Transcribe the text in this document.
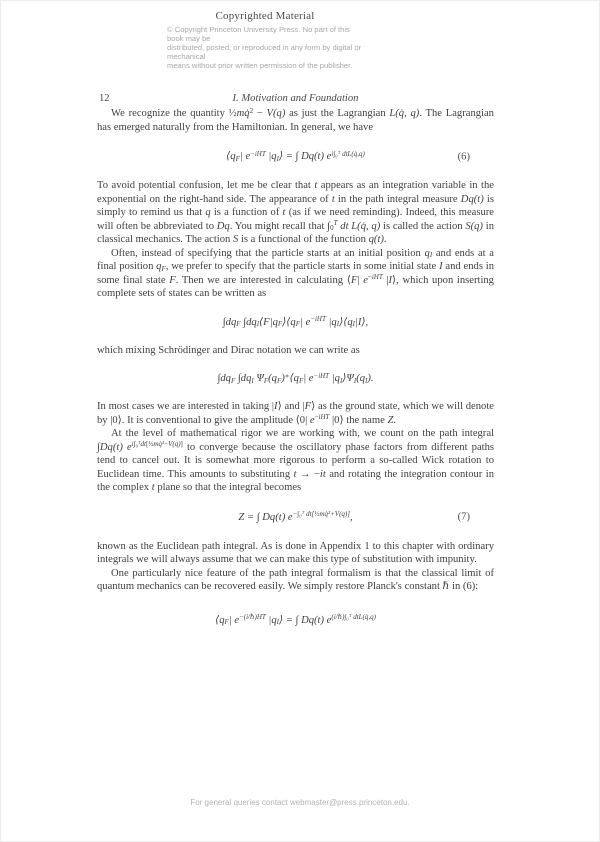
Copyrighted Material
© Copyright Princeton University Press. No part of this book may be
distributed, posted, or reproduced in any form by digital or mechanical
means without prior written permission of the publisher.
12	I. Motivation and Foundation

We recognize the quantity ½mq̇$^2$ − V(q) as just the Lagrangian L(q̇, q). The Lagrangian has emerged naturally from the Hamiltonian. In general, we have

$⟨q_F|$ $e^{-iHT}$ $|q_I⟩$ = ∫ Dq(t) $e^{i\int_0ᵀ dtL(q̇,q)}$	(6)

To avoid potential confusion, let me be clear that t appears as an integration variable in the exponential on the right-hand side. The appearance of t in the path integral measure Dq(t) is simply to remind us that q is a function of t (as if we need reminding). Indeed, this measure will often be abbreviated to Dq. You might recall that $\int_0^T$ dt L(q̇, q) is called the action S(q) in classical mechanics. The action S is a functional of the function q(t).

Often, instead of specifying that the particle starts at an initial position $q_I$ and ends at a final position $q_F$, we prefer to specify that the particle starts in some initial state I and ends in some final state F. Then we are interested in calculating ⟨F| $e^{-iHT}$ |I⟩, which upon inserting complete sets of states can be written as

$\int dq_F$ $\int dq_I⟨F|q_F⟩⟨q_F|$ $e^{-iHT}$ $|q_I⟩⟨q_I|I⟩$,

which mixing Schrödinger and Dirac notation we can write as

$\int dq_F$ $\int dq_I$ $\Psi_F(q_F)^∗⟨q_F|$ $e^{-iHT}$ $|q_I⟩\Psi_I(q_I)$.

In most cases we are interested in taking |I⟩ and |F⟩ as the ground state, which we will denote by |0⟩. It is conventional to give the amplitude ⟨0| $e^{-iHT}$ |0⟩ the name Z.

At the level of mathematical rigor we are working with, we count on the path integral ∫Dq(t) $e^{i\int_0ᵀdt[\frac{1}{2}mq̇^2-V(q)]}$ to converge because the oscillatory phase factors from different paths tend to cancel out. It is somewhat more rigorous to perform a so-called Wick rotation to Euclidean time. This amounts to substituting t → −it and rotating the integration contour in the complex t plane so that the integral becomes

Z = ∫ Dq(t) $e^{-\int_0ᵀ dt[\frac{1}{2}mq̇^2+V(q)]}$,	(7)

known as the Euclidean path integral. As is done in Appendix 1 to this chapter with ordinary integrals we will always assume that we can make this type of substitution with impunity.

One particularly nice feature of the path integral formalism is that the classical limit of quantum mechanics can be recovered easily. We simply restore Planck's constant ℏ in (6):

$⟨q_F|$ $e^{-(i/\hbar)HT}$ $|q_I⟩$ = ∫ Dq(t) $e^{(i/\hbar)\int_0ᵀ dtL(q̇,q)}$
For general queries contact webmaster@press.princeton.edu.
